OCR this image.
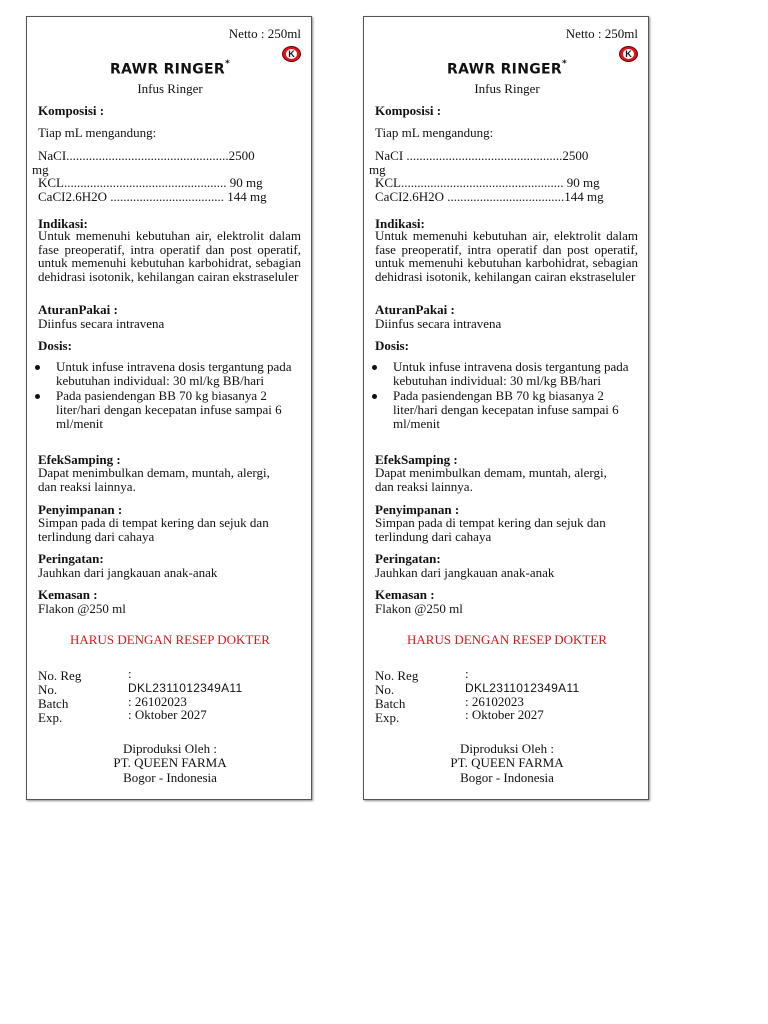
Netto : 250ml
K
RAWR RINGER*
Infus Ringer
Komposisi :
Tiap mL mengandung:
NaCI..................................................2500
mg
KCL.................................................. 90 mg
CaCI2.6H2O ................................... 144 mg
Indikasi:
Untuk memenuhi kebutuhan air, elektrolit dalam fase preoperatif, intra operatif dan post operatif, untuk memenuhi kebutuhan karbohidrat, sebagian dehidrasi isotonik, kehilangan cairan ekstraseluler
AturanPakai :
Diinfus secara intravena
Dosis:
Untuk infuse intravena dosis tergantung pada kebutuhan individual: 30 ml/kg BB/hari
Pada pasiendengan BB 70 kg biasanya 2 liter/hari dengan kecepatan infuse sampai 6 ml/menit
EfekSamping :
Dapat menimbulkan demam, muntah, alergi, dan reaksi lainnya.
Penyimpanan :
Simpan pada di tempat kering dan sejuk dan terlindung dari cahaya
Peringatan:
Jauhkan dari jangkauan anak-anak
Kemasan :
Flakon @250 ml
HARUS DENGAN RESEP DOKTER
No. Reg	:
No.	DKL2311012349A11
Batch	: 26102023
Exp.	: Oktober 2027
Diproduksi Oleh :
PT. QUEEN FARMA
Bogor - Indonesia
Netto : 250ml
K
RAWR RINGER*
Infus Ringer
Komposisi :
Tiap mL mengandung:
NaCI ................................................2500
mg
KCL.................................................. 90 mg
CaCI2.6H2O ....................................144 mg
Indikasi:
Untuk memenuhi kebutuhan air, elektrolit dalam fase preoperatif, intra operatif dan post operatif, untuk memenuhi kebutuhan karbohidrat, sebagian dehidrasi isotonik, kehilangan cairan ekstraseluler
AturanPakai :
Diinfus secara intravena
Dosis:
Untuk infuse intravena dosis tergantung pada kebutuhan individual: 30 ml/kg BB/hari
Pada pasiendengan BB 70 kg biasanya 2 liter/hari dengan kecepatan infuse sampai 6 ml/menit
EfekSamping :
Dapat menimbulkan demam, muntah, alergi, dan reaksi lainnya.
Penyimpanan :
Simpan pada di tempat kering dan sejuk dan terlindung dari cahaya
Peringatan:
Jauhkan dari jangkauan anak-anak
Kemasan :
Flakon @250 ml
HARUS DENGAN RESEP DOKTER
No. Reg	:
No.	DKL2311012349A11
Batch	: 26102023
Exp.	: Oktober 2027
Diproduksi Oleh :
PT. QUEEN FARMA
Bogor - Indonesia
